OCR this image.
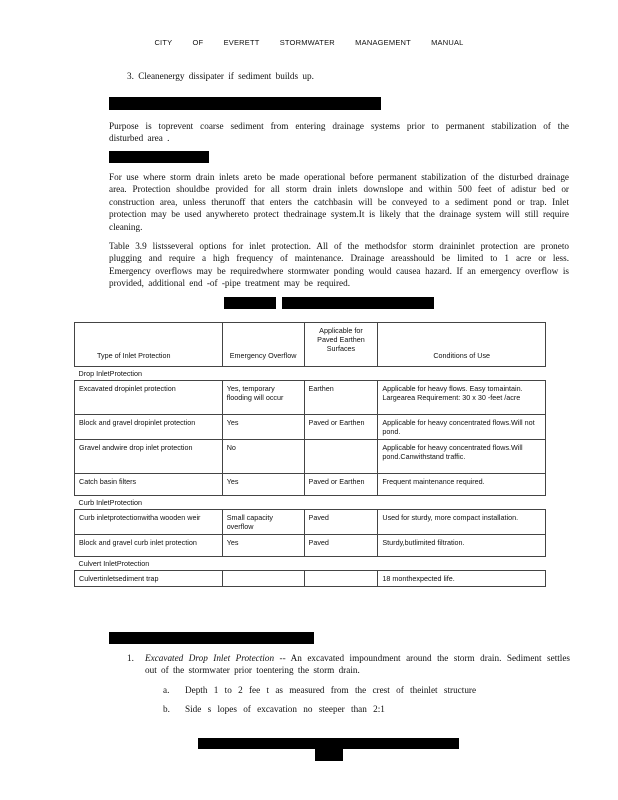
CITY OF EVERETT STORMWATER MANAGEMENT MANUAL
3. Cleanenergy dissipater if sediment builds up.
Purpose is toprevent coarse sediment from entering drainage systems prior to permanent stabilization of the disturbed area .
For use where storm drain inlets areto be made operational before permanent stabilization of the disturbed drainage area. Protection shouldbe provided for all storm drain inlets downslope and within 500 feet of adistur bed or construction area, unless therunoff that enters the catchbasin will be conveyed to a sediment pond or trap. Inlet protection may be used anywhereto protect thedrainage system.It is likely that the drainage system will still require cleaning.
Table 3.9 listsseveral options for inlet protection. All of the methodsfor storm draininlet protection are proneto plugging and require a high frequency of maintenance. Drainage areasshould be limited to 1 acre or less. Emergency overflows may be requiredwhere stormwater ponding would causea hazard. If an emergency overflow is provided, additional end -of -pipe treatment may be required.
Type of Inlet Protection	Emergency Overflow	Applicable for Paved Earthen Surfaces	Conditions of Use
Drop InletProtection			
Excavated dropinlet protection	Yes, temporary flooding will occur	Earthen	Applicable for heavy flows. Easy tomaintain. Largearea Requirement: 30 x 30 -feet /acre
Block and gravel dropinlet protection	Yes	Paved or Earthen	Applicable for heavy concentrated flows.Will not pond.
Gravel andwire drop inlet protection	No		Applicable for heavy concentrated flows.Will pond.Canwithstand traffic.
Catch basin filters	Yes	Paved or Earthen	Frequent maintenance required.
Curb InletProtection			
Curb inletprotectionwitha wooden weir	Small capacity overflow	Paved	Used for sturdy, more compact installation.
Block and gravel curb inlet protection	Yes	Paved	Sturdy,butlimited filtration.
Culvert InletProtection			
Culvertinletsediment trap			18 monthexpected life.
1. Excavated Drop Inlet Protection -- An excavated impoundment around the storm drain. Sediment settles out of the stormwater prior toentering the storm drain.
a. Depth 1 to 2 fee t as measured from the crest of theinlet structure
b. Side s lopes of excavation no steeper than 2:1
